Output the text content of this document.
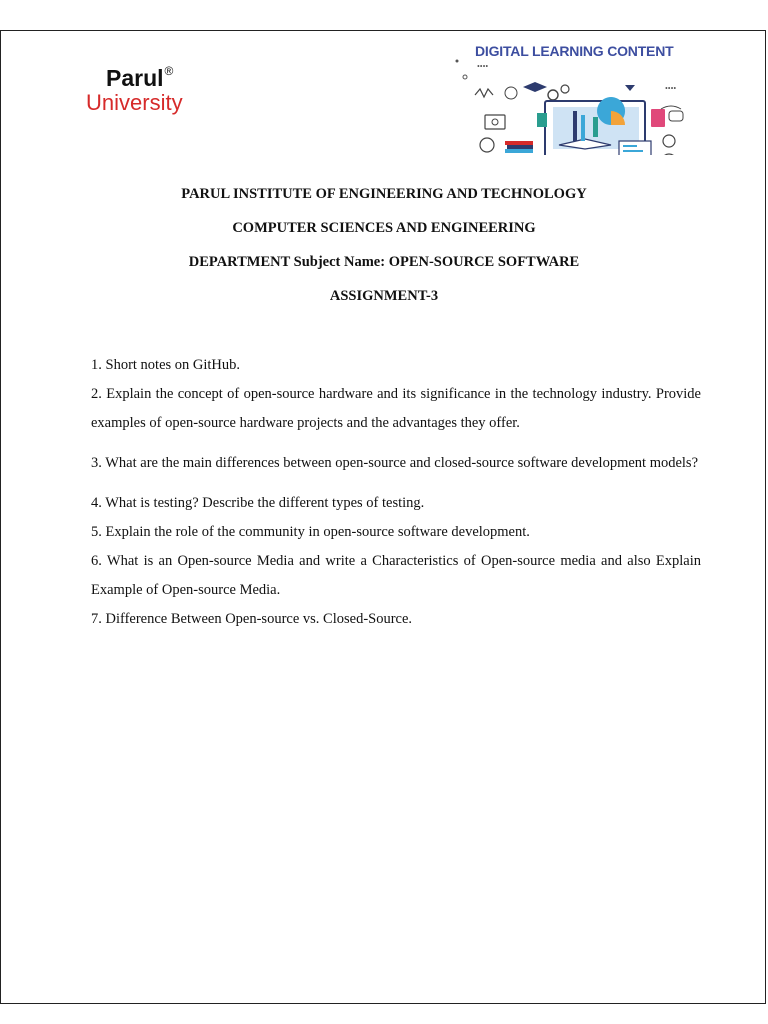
Parul®
University
DIGITAL LEARNING CONTENT
••••
••••
PARUL INSTITUTE OF ENGINEERING AND TECHNOLOGY
COMPUTER SCIENCES AND ENGINEERING
DEPARTMENT Subject Name: OPEN-SOURCE SOFTWARE
ASSIGNMENT-3

1. Short notes on GitHub.

2. Explain the concept of open-source hardware and its significance in the technology industry. Provide examples of open-source hardware projects and the advantages they offer.

3. What are the main differences between open-source and closed-source software development models?

4. What is testing? Describe the different types of testing.

5. Explain the role of the community in open-source software development.

6. What is an Open-source Media and write a Characteristics of Open-source media and also Explain Example of Open-source Media.

7. Difference Between Open-source vs. Closed-Source.
